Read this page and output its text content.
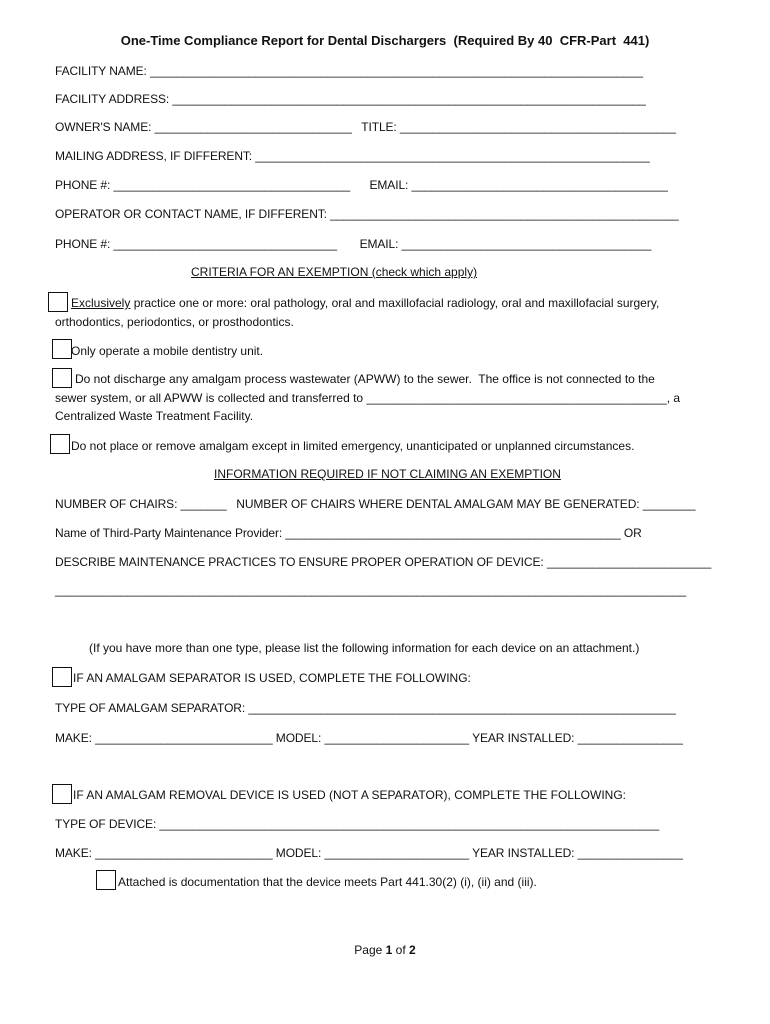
One-Time Compliance Report for Dental Dischargers  (Required By 40  CFR-Part  441)
FACILITY NAME: ___________________________________________________________________________
FACILITY ADDRESS: ________________________________________________________________________
OWNER'S NAME: ______________________________   TITLE: __________________________________________
MAILING ADDRESS, IF DIFFERENT: ____________________________________________________________
PHONE #: ____________________________________      EMAIL: _______________________________________
OPERATOR OR CONTACT NAME, IF DIFFERENT: _____________________________________________________
PHONE #: __________________________________       EMAIL: ______________________________________
CRITERIA FOR AN EXEMPTION (check which apply)
Exclusively practice one or more: oral pathology, oral and maxillofacial radiology, oral and maxillofacial surgery,
orthodontics, periodontics, or prosthodontics.
Only operate a mobile dentistry unit.
Do not discharge any amalgam process wastewater (APWW) to the sewer.  The office is not connected to the
sewer system, or all APWW is collected and transferred to _____________________________________________, a
Centralized Waste Treatment Facility.
Do not place or remove amalgam except in limited emergency, unanticipated or unplanned circumstances.
INFORMATION REQUIRED IF NOT CLAIMING AN EXEMPTION
NUMBER OF CHAIRS: _______   NUMBER OF CHAIRS WHERE DENTAL AMALGAM MAY BE GENERATED: ________
Name of Third-Party Maintenance Provider: ___________________________________________________ OR
DESCRIBE MAINTENANCE PRACTICES TO ENSURE PROPER OPERATION OF DEVICE: _________________________
________________________________________________________________________________________________
(If you have more than one type, please list the following information for each device on an attachment.)
IF AN AMALGAM SEPARATOR IS USED, COMPLETE THE FOLLOWING:
TYPE OF AMALGAM SEPARATOR: _________________________________________________________________
MAKE: ___________________________ MODEL: ______________________ YEAR INSTALLED: ________________
IF AN AMALGAM REMOVAL DEVICE IS USED (NOT A SEPARATOR), COMPLETE THE FOLLOWING:
TYPE OF DEVICE: ____________________________________________________________________________
MAKE: ___________________________ MODEL: ______________________ YEAR INSTALLED: ________________
Attached is documentation that the device meets Part 441.30(2) (i), (ii) and (iii).
Page 1 of 2
